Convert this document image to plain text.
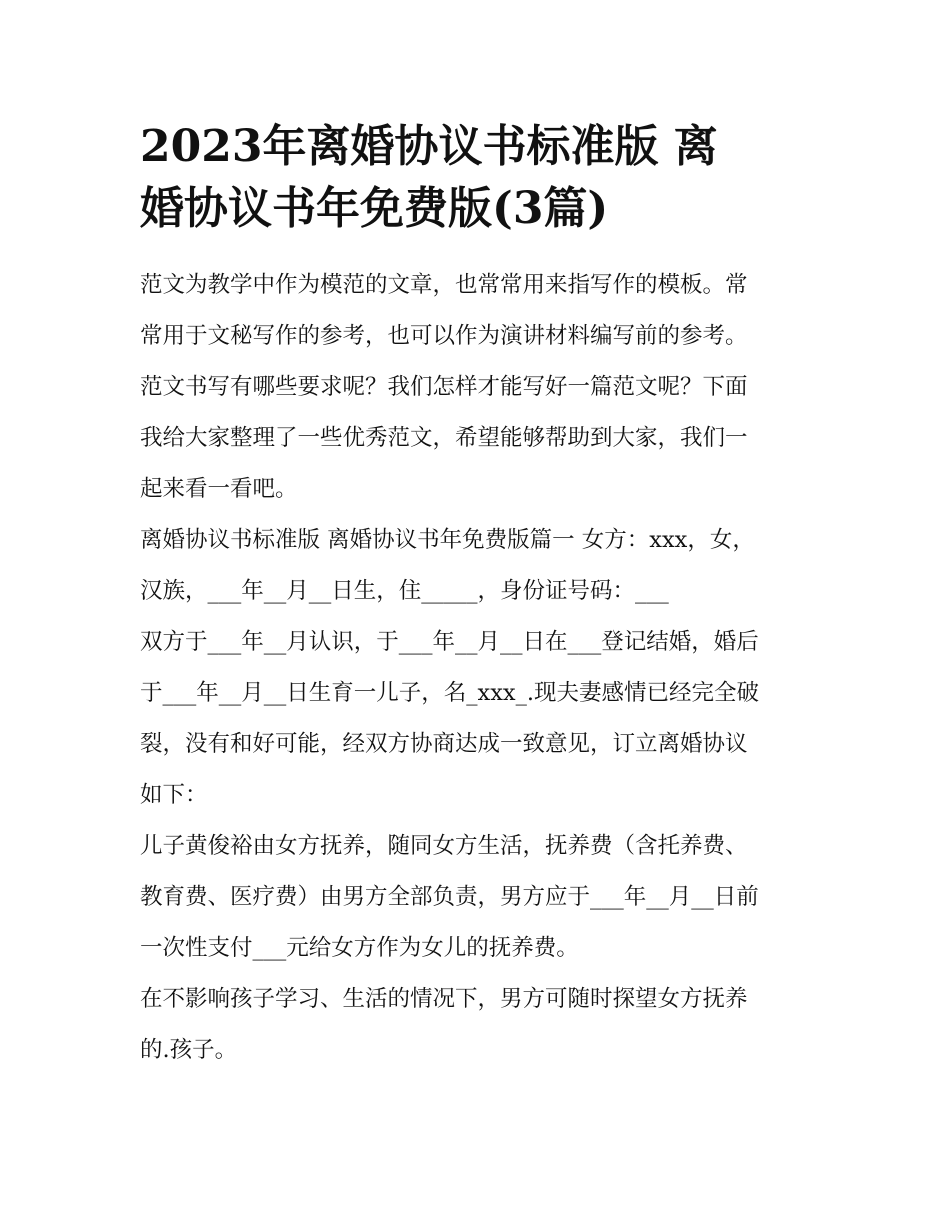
2023年离婚协议书标准版 离
婚协议书年免费版(3篇)

范文为教学中作为模范的文章，也常常用来指写作的模板。常
常用于文秘写作的参考，也可以作为演讲材料编写前的参考。
范文书写有哪些要求呢？我们怎样才能写好一篇范文呢？下面
我给大家整理了一些优秀范文，希望能够帮助到大家，我们一
起来看一看吧。

离婚协议书标准版 离婚协议书年免费版篇一 女方：xxx，女，
汉族，___年__月__日生，住_____，身份证号码：___

双方于___年__月认识，于___年__月__日在___登记结婚，婚后
于___年__月__日生育一儿子，名_xxx_.现夫妻感情已经完全破
裂，没有和好可能，经双方协商达成一致意见，订立离婚协议
如下：

儿子黄俊裕由女方抚养，随同女方生活，抚养费（含托养费、
教育费、医疗费）由男方全部负责，男方应于___年__月__日前
一次性支付___元给女方作为女儿的抚养费。

在不影响孩子学习、生活的情况下，男方可随时探望女方抚养
的.孩子。
